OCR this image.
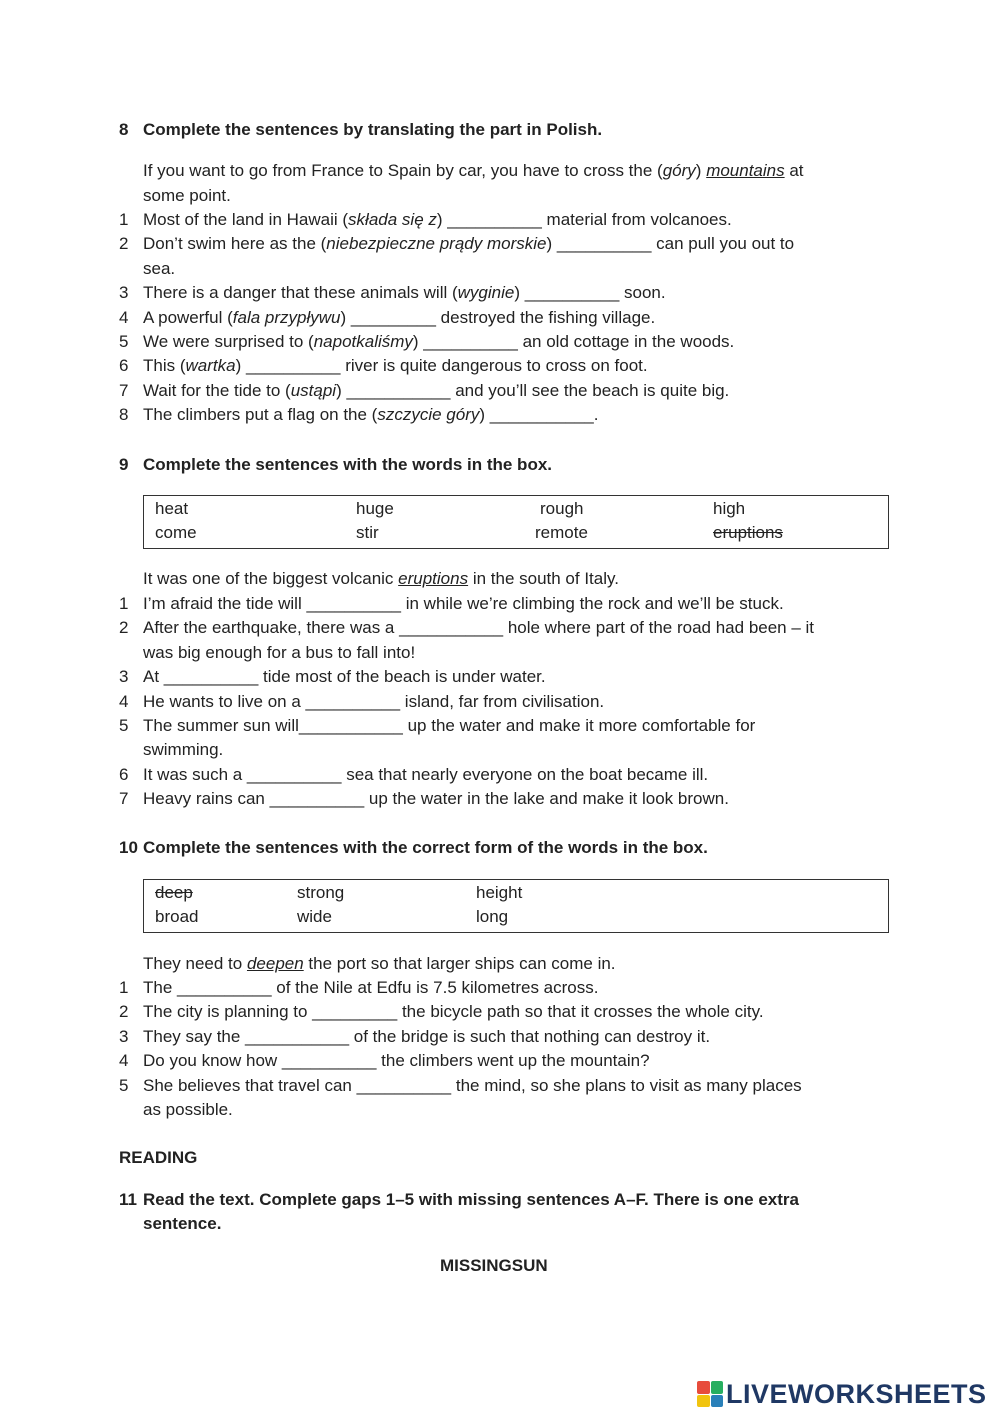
8 Complete the sentences by translating the part in Polish.
If you want to go from France to Spain by car, you have to cross the (góry) mountains at
some point.
1 Most of the land in Hawaii (składa się z) __________ material from volcanoes.
2 Don’t swim here as the (niebezpieczne prądy morskie) __________ can pull you out to
sea.
3 There is a danger that these animals will (wyginie) __________ soon.
4 A powerful (fala przypływu) _________ destroyed the fishing village.
5 We were surprised to (napotkaliśmy) __________ an old cottage in the woods.
6 This (wartka) __________ river is quite dangerous to cross on foot.
7 Wait for the tide to (ustąpi) ___________ and you’ll see the beach is quite big.
8 The climbers put a flag on the (szczycie góry) ___________.
9 Complete the sentences with the words in the box.
heat	huge	rough	high
come	stir	remote	eruptions
It was one of the biggest volcanic eruptions in the south of Italy.
1 I’m afraid the tide will __________ in while we’re climbing the rock and we’ll be stuck.
2 After the earthquake, there was a ___________ hole where part of the road had been – it
was big enough for a bus to fall into!
3 At __________ tide most of the beach is under water.
4 He wants to live on a __________ island, far from civilisation.
5 The summer sun will___________ up the water and make it more comfortable for
swimming.
6 It was such a __________ sea that nearly everyone on the boat became ill.
7 Heavy rains can __________ up the water in the lake and make it look brown.
10 Complete the sentences with the correct form of the words in the box.
deep	strong	height
broad	wide	long
They need to deepen the port so that larger ships can come in.
1 The __________ of the Nile at Edfu is 7.5 kilometres across.
2 The city is planning to _________ the bicycle path so that it crosses the whole city.
3 They say the ___________ of the bridge is such that nothing can destroy it.
4 Do you know how __________ the climbers went up the mountain?
5 She believes that travel can __________ the mind, so she plans to visit as many places
as possible.
READING
11 Read the text. Complete gaps 1–5 with missing sentences A–F. There is one extra
sentence.
MISSINGSUN
LIVEWORKSHEETS
